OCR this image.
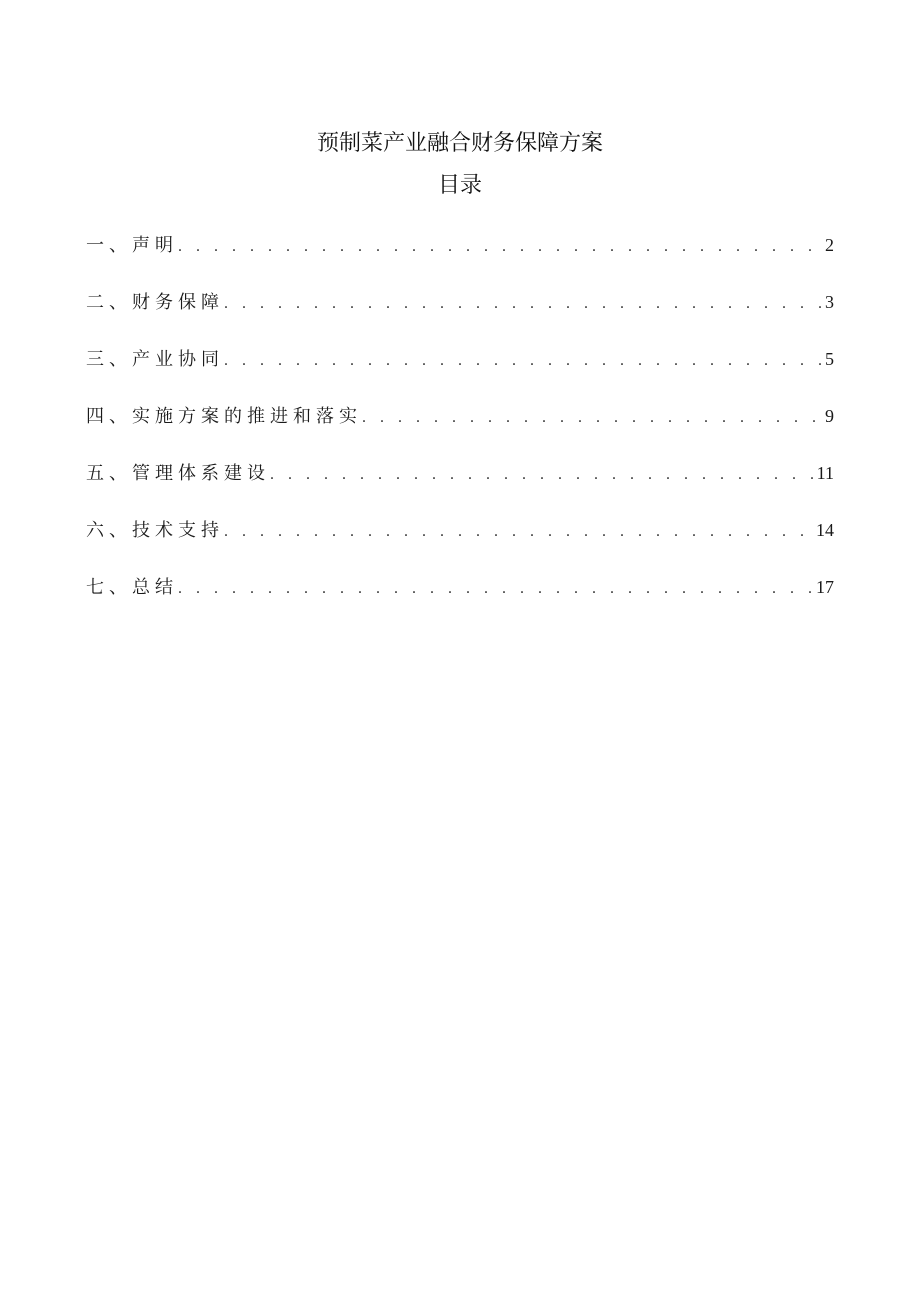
预制菜产业融合财务保障方案
目录
一、声明 . . .	2
二、财务保障 . . .	3
三、产业协同 . . .	5
四、实施方案的推进和落实 . . .	9
五、管理体系建设 . . .	11
六、技术支持 . . .	14
七、总结 . . .	17
